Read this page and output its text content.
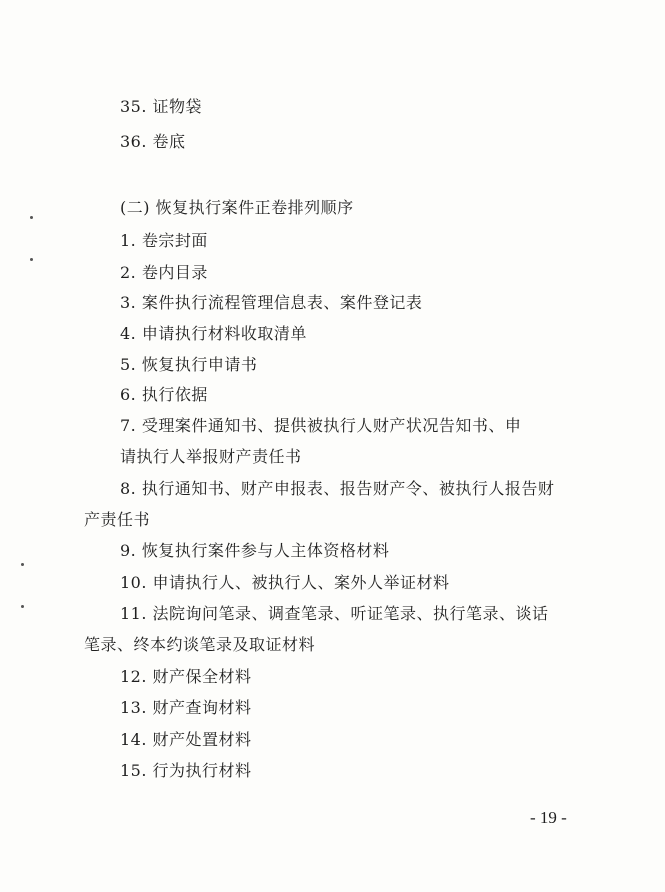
35. 证物袋
36. 卷底
(二) 恢复执行案件正卷排列顺序
1. 卷宗封面
2. 卷内目录
3. 案件执行流程管理信息表、案件登记表
4. 申请执行材料收取清单
5. 恢复执行申请书
6. 执行依据
7. 受理案件通知书、提供被执行人财产状况告知书、申
请执行人举报财产责任书
8. 执行通知书、财产申报表、报告财产令、被执行人报告财
产责任书
9. 恢复执行案件参与人主体资格材料
10. 申请执行人、被执行人、案外人举证材料
11. 法院询问笔录、调查笔录、听证笔录、执行笔录、谈话
笔录、终本约谈笔录及取证材料
12. 财产保全材料
13. 财产查询材料
14. 财产处置材料
15. 行为执行材料
- 19 -
